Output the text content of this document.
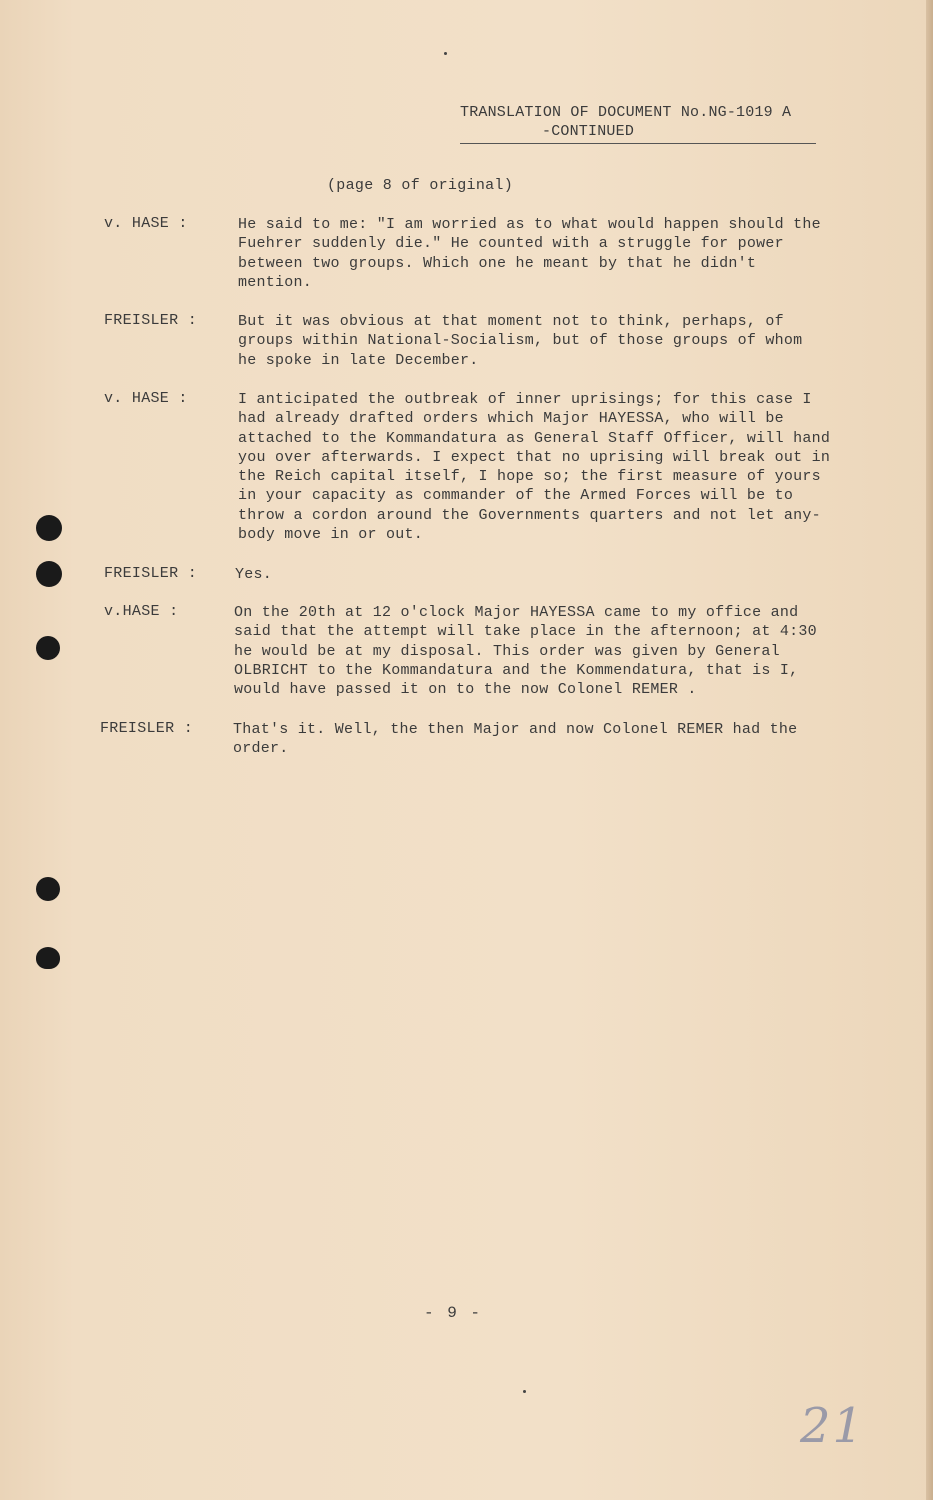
TRANSLATION OF DOCUMENT No.NG-1019 A
-CONTINUED
(page 8 of original)
v. HASE :	He said to me: "I am worried as to what would happen should the
Fuehrer suddenly die." He counted with a struggle for power
between two groups. Which one he meant by that he didn't
mention.
FREISLER :	But it was obvious at that moment not to think, perhaps, of
groups within National-Socialism, but of those groups of whom
he spoke in late December.
v. HASE :	I anticipated the outbreak of inner uprisings; for this case I
had already drafted orders which Major HAYESSA, who will be
attached to the Kommandatura as General Staff Officer, will hand
you over afterwards. I expect that no uprising will break out in
the Reich capital itself, I hope so; the first measure of yours
in your capacity as commander of the Armed Forces will be to
throw a cordon around the Governments quarters and not let any-
body move in or out.
FREISLER :	Yes.
v.HASE :	On the 20th at 12 o'clock Major HAYESSA came to my office and
said that the attempt will take place in the afternoon; at 4:30
he would be at my disposal. This order was given by General
OLBRICHT to the Kommandatura and the Kommendatura, that is I,
would have passed it on to the now Colonel REMER .
FREISLER :	That's it. Well, the then Major and now Colonel REMER had the
order.
- 9 -
21
